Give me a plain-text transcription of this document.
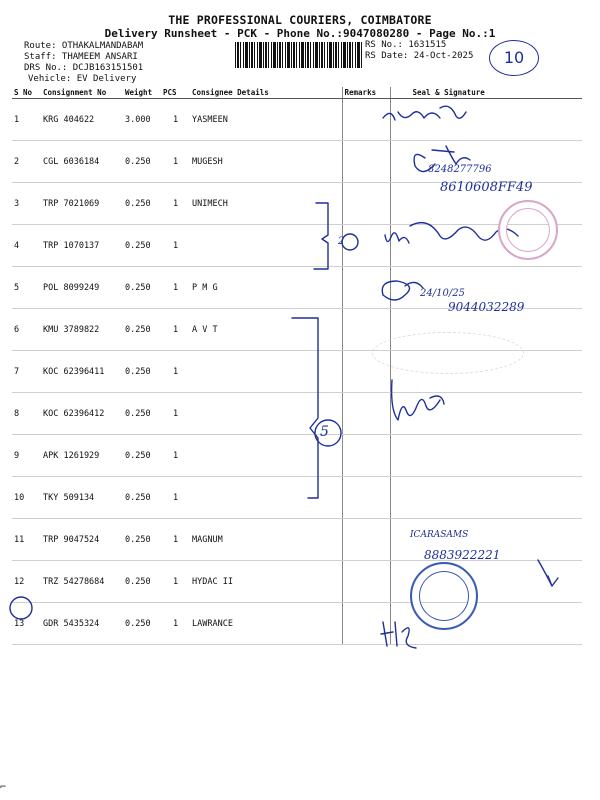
THE PROFESSIONAL COURIERS, COIMBATORE
Delivery Runsheet - PCK - Phone No.:9047080280 - Page No.:1
Route: OTHAKALMANDABAM
Staff: THAMEEM ANSARI
DRS No.: DCJB163151501
Vehicle: EV Delivery
RS No.: 1631515
RS Date: 24-Oct-2025	10
S No	Consignment No	Weight	PCS	Consignee Details	Remarks	Seal & Signature
1	KRG 404622	3.000	1	YASMEEN		
2	CGL 6036184	0.250	1	MUGESH		
3	TRP 7021069	0.250	1	UNIMECH		
4	TRP 1070137	0.250	1			
5	POL 8099249	0.250	1	P M G		
6	KMU 3789822	0.250	1	A V T		
7	KOC 62396411	0.250	1			
8	KOC 62396412	0.250	1			
9	APK 1261929	0.250	1			
10	TKY 509134	0.250	1			
11	TRP 9047524	0.250	1	MAGNUM		
12	TRZ 54278684	0.250	1	HYDAC II		
13	GDR 5435324	0.250	1	LAWRANCE		
8248277796
8610608FF49
2
5
24/10/25
9044032289
ICARASAMS
8883922221
⌐
